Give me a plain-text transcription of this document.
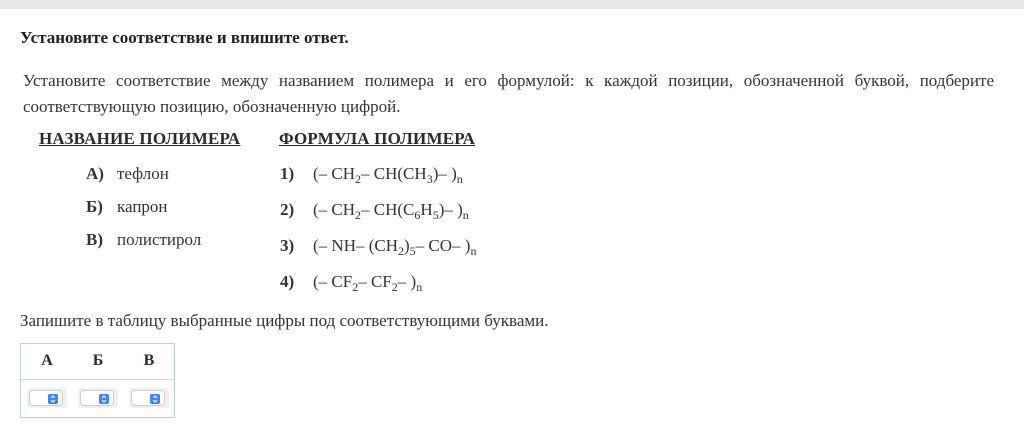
Установите соответствие и впишите ответ.
Установите соответствие между названием полимера и его формулой: к каждой позиции, обозначенной буквой, подберите соответствующую позицию, обозначенную цифрой.
НАЗВАНИЕ ПОЛИМЕРА ФОРМУЛА ПОЛИМЕРА
А) тефлон
Б) капрон
В) полистирол
1) (– $CH_2-$ $CH(CH_3)-$ )$_n$
2) (– $CH_2-$ $CH(C_6H_5)-$ )$_n$
3) (– NH– $(CH_2)_5-$ CO– )$_n$
4) (– $CF_2-$ $CF_2-$ )$_n$
Запишите в таблицу выбранные цифры под соответствующими буквами.
А	Б	В
